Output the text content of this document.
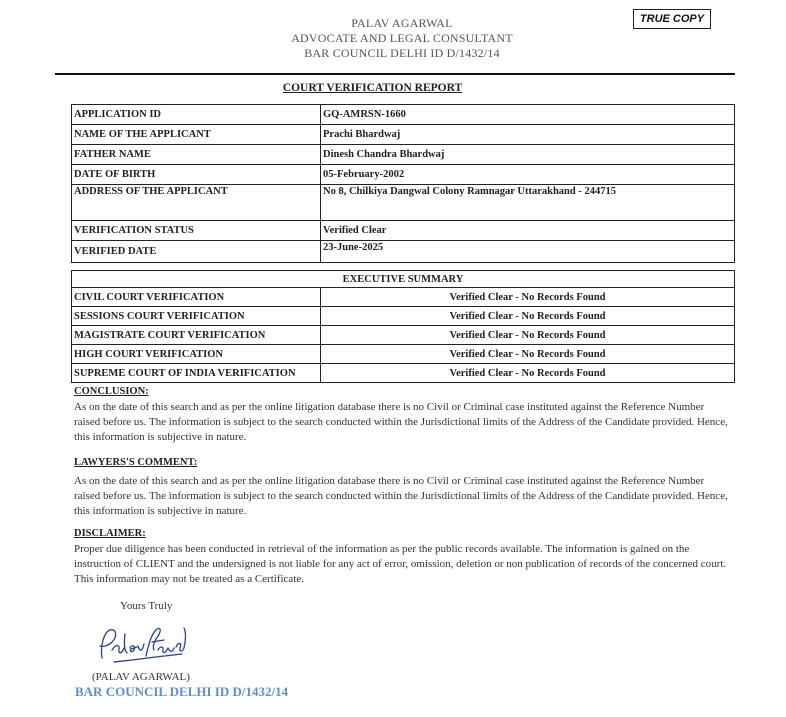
PALAV AGARWAL
ADVOCATE AND LEGAL CONSULTANT
BAR COUNCIL DELHI ID D/1432/14
TRUE COPY
COURT VERIFICATION REPORT
APPLICATION ID	GQ-AMRSN-1660
NAME OF THE APPLICANT	Prachi Bhardwaj
FATHER NAME	Dinesh Chandra Bhardwaj
DATE OF BIRTH	05-February-2002
ADDRESS OF THE APPLICANT	No 8, Chilkiya Dangwal Colony Ramnagar Uttarakhand - 244715
VERIFICATION STATUS	Verified Clear
VERIFIED DATE	23-June-2025
EXECUTIVE SUMMARY	
CIVIL COURT VERIFICATION	Verified Clear - No Records Found
SESSIONS COURT VERIFICATION	Verified Clear - No Records Found
MAGISTRATE COURT VERIFICATION	Verified Clear - No Records Found
HIGH COURT VERIFICATION	Verified Clear - No Records Found
SUPREME COURT OF INDIA VERIFICATION	Verified Clear - No Records Found
CONCLUSION:
As on the date of this search and as per the online litigation database there is no Civil or Criminal case instituted against the Reference Number raised before us. The information is subject to the search conducted within the Jurisdictional limits of the Address of the Candidate provided. Hence, this information is subjective in nature.
LAWYERS'S COMMENT:
As on the date of this search and as per the online litigation database there is no Civil or Criminal case instituted against the Reference Number raised before us. The information is subject to the search conducted within the Jurisdictional limits of the Address of the Candidate provided. Hence, this information is subjective in nature.
DISCLAIMER:
Proper due diligence has been conducted in retrieval of the information as per the public records available. The information is gained on the instruction of CLIENT and the undersigned is not liable for any act of error, omission, deletion or non publication of records of the concerned court. This information may not be treated as a Certificate.
Yours Truly
(PALAV AGARWAL)
BAR COUNCIL DELHI ID D/1432/14
